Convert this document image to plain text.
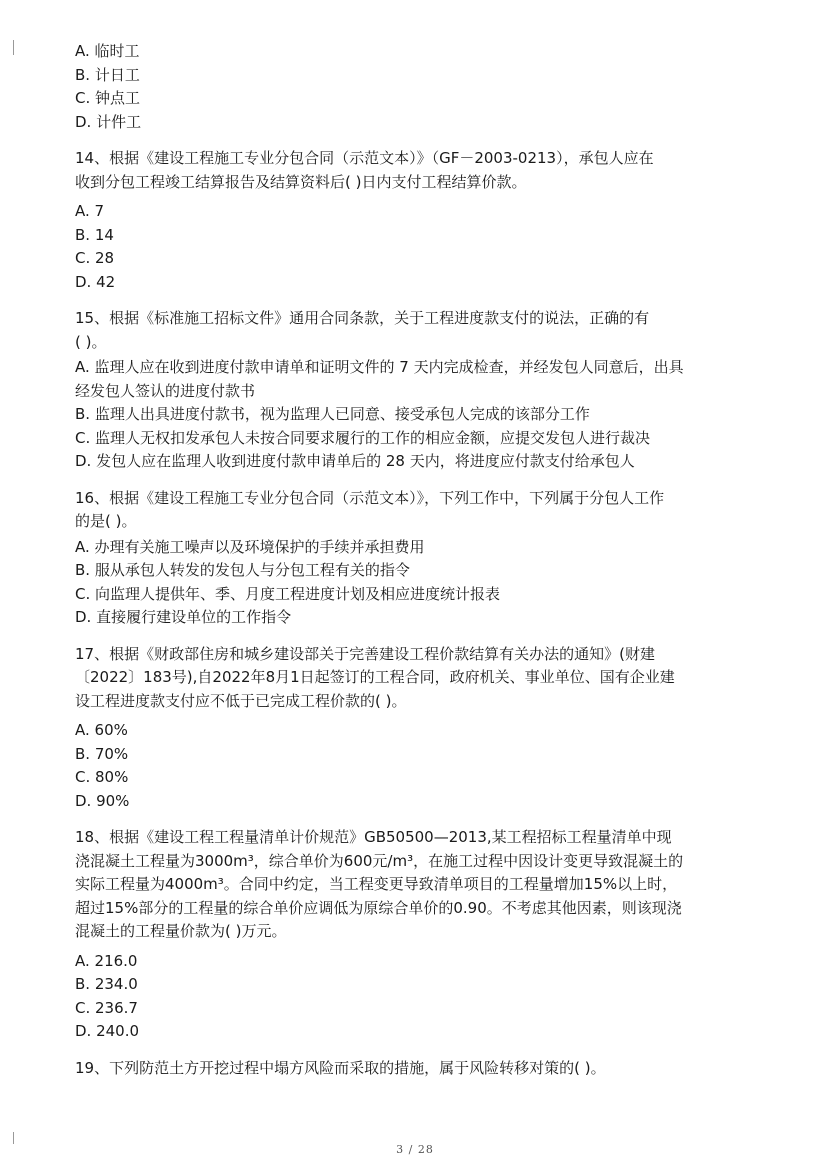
A. 临时工
B. 计日工
C. 钟点工
D. 计件工
14、根据《建设工程施工专业分包合同（示范文本）》（GF－2003-0213），承包人应在
收到分包工程竣工结算报告及结算资料后( )日内支付工程结算价款。
A. 7
B. 14
C. 28
D. 42
15、根据《标准施工招标文件》通用合同条款，关于工程进度款支付的说法，正确的有
( )。
A. 监理人应在收到进度付款申请单和证明文件的 7 天内完成检查，并经发包人同意后，出具
经发包人签认的进度付款书
B. 监理人出具进度付款书，视为监理人已同意、接受承包人完成的该部分工作
C. 监理人无权扣发承包人未按合同要求履行的工作的相应金额，应提交发包人进行裁决
D. 发包人应在监理人收到进度付款申请单后的 28 天内，将进度应付款支付给承包人
16、根据《建设工程施工专业分包合同（示范文本）》，下列工作中，下列属于分包人工作
的是( )。
A. 办理有关施工噪声以及环境保护的手续并承担费用
B. 服从承包人转发的发包人与分包工程有关的指令
C. 向监理人提供年、季、月度工程进度计划及相应进度统计报表
D. 直接履行建设单位的工作指令
17、根据《财政部住房和城乡建设部关于完善建设工程价款结算有关办法的通知》(财建
〔2022〕183号),自2022年8月1日起签订的工程合同，政府机关、事业单位、国有企业建
设工程进度款支付应不低于已完成工程价款的( )。
A. 60%
B. 70%
C. 80%
D. 90%
18、根据《建设工程工程量清单计价规范》GB50500—2013,某工程招标工程量清单中现
浇混凝土工程量为3000m³，综合单价为600元/m³，在施工过程中因设计变更导致混凝土的
实际工程量为4000m³。合同中约定，当工程变更导致清单项目的工程量增加15%以上时，
超过15%部分的工程量的综合单价应调低为原综合单价的0.90。不考虑其他因素，则该现浇
混凝土的工程量价款为( )万元。
A. 216.0
B. 234.0
C. 236.7
D. 240.0
19、下列防范土方开挖过程中塌方风险而采取的措施，属于风险转移对策的( )。
3 / 28
